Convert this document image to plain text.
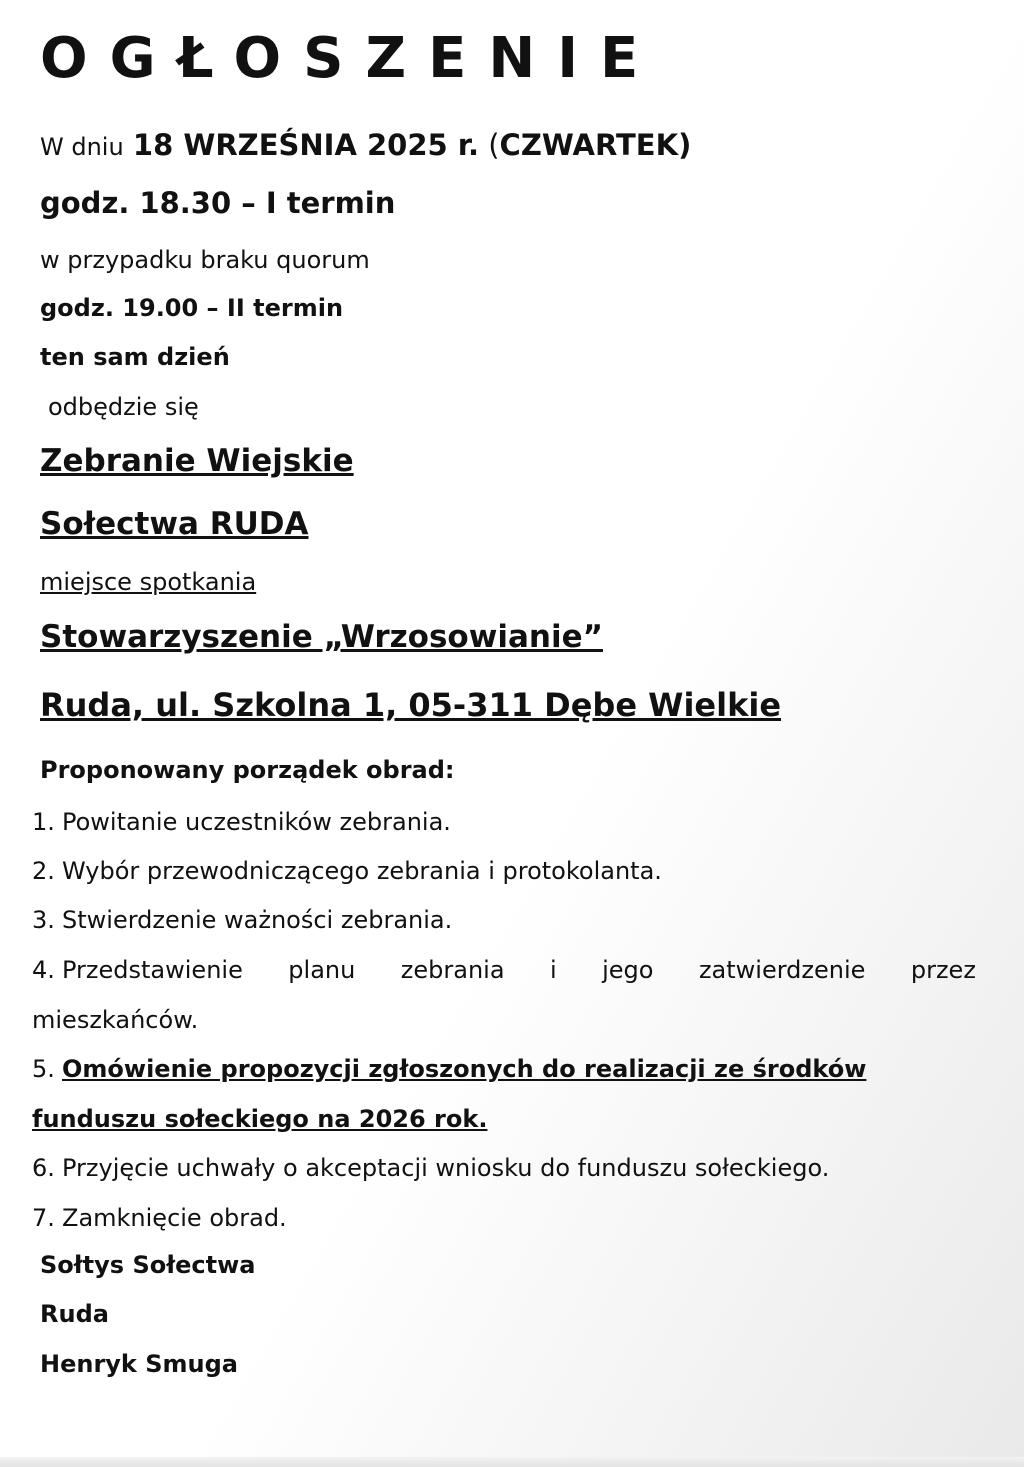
OGŁOSZENIE
W dniu 18 WRZEŚNIA 2025 r. (CZWARTEK)
godz. 18.30 – I termin
w przypadku braku quorum
godz. 19.00 – II termin
ten sam dzień
odbędzie się
Zebranie Wiejskie
Sołectwa RUDA
miejsce spotkania
Stowarzyszenie „Wrzosowianie”
Ruda, ul. Szkolna 1, 05-311 Dębe Wielkie
Proponowany porządek obrad:
1. Powitanie uczestników zebrania.
2. Wybór przewodniczącego zebrania i protokolanta.
3. Stwierdzenie ważności zebrania.
4. Przedstawienie planu zebrania i jego zatwierdzenie przez
mieszkańców.
5. Omówienie propozycji zgłoszonych do realizacji ze środków
funduszu sołeckiego na 2026 rok.
6. Przyjęcie uchwały o akceptacji wniosku do funduszu sołeckiego.
7. Zamknięcie obrad.
Sołtys Sołectwa
Ruda
Henryk Smuga
